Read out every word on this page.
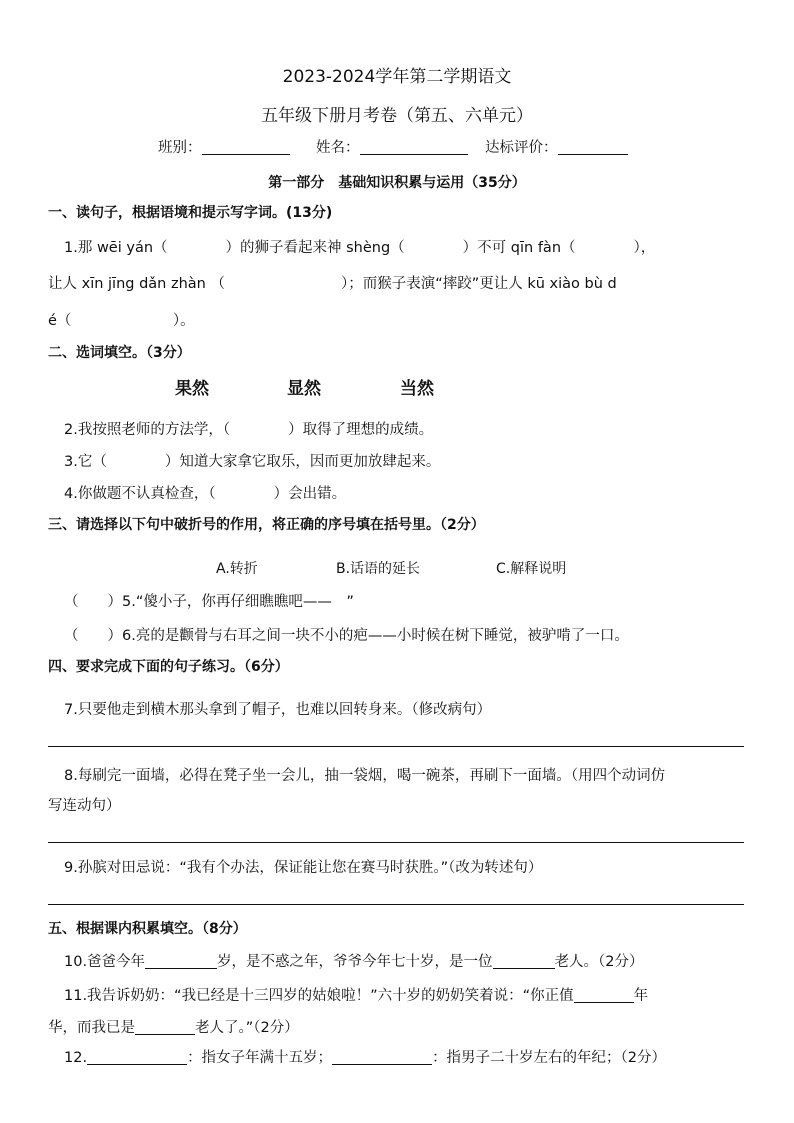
2023-2024学年第二学期语文
五年级下册月考卷（第五、六单元）
班别：	姓名：	达标评价：
第一部分　基础知识积累与运用（35分）
一、读句子，根据语境和提示写字词。(13分)
1.那 wēi yán（　　　　）的狮子看起来神 shèng（　　　　）不可 qīn fàn（　　　　），
让人 xīn jīng dǎn zhàn （　　　　　　　　）；而猴子表演“摔跤”更让人 kū xiào bù d
é（　　　　　　　）。
二、选词填空。（3分）
果然	显然	当然
2.我按照老师的方法学，（　　　　）取得了理想的成绩。
3.它（　　　　）知道大家拿它取乐，因而更加放肆起来。
4.你做题不认真检查，（　　　　）会出错。
三、请选择以下句中破折号的作用，将正确的序号填在括号里。（2分）
A.转折	B.话语的延长	C.解释说明
（　　）5.“傻小子，你再仔细瞧瞧吧——　”
（　　）6.亮的是颧骨与右耳之间一块不小的疤——小时候在树下睡觉，被驴啃了一口。
四、要求完成下面的句子练习。（6分）
7.只要他走到横木那头拿到了帽子，也难以回转身来。（修改病句）
8.每刷完一面墙，必得在凳子坐一会儿，抽一袋烟，喝一碗茶，再刷下一面墙。（用四个动词仿
写连动句）
9.孙膑对田忌说：“我有个办法，保证能让您在赛马时获胜。”（改为转述句）
五、根据课内积累填空。（8分）
10.爸爸今年	岁，是不惑之年，爷爷今年七十岁，是一位	老人。（2分）
11.我告诉奶奶：“我已经是十三四岁的姑娘啦！”六十岁的奶奶笑着说：“你正值	年
华，而我已是	老人了。”（2分）
12.	：指女子年满十五岁；	：指男子二十岁左右的年纪；（2分）
